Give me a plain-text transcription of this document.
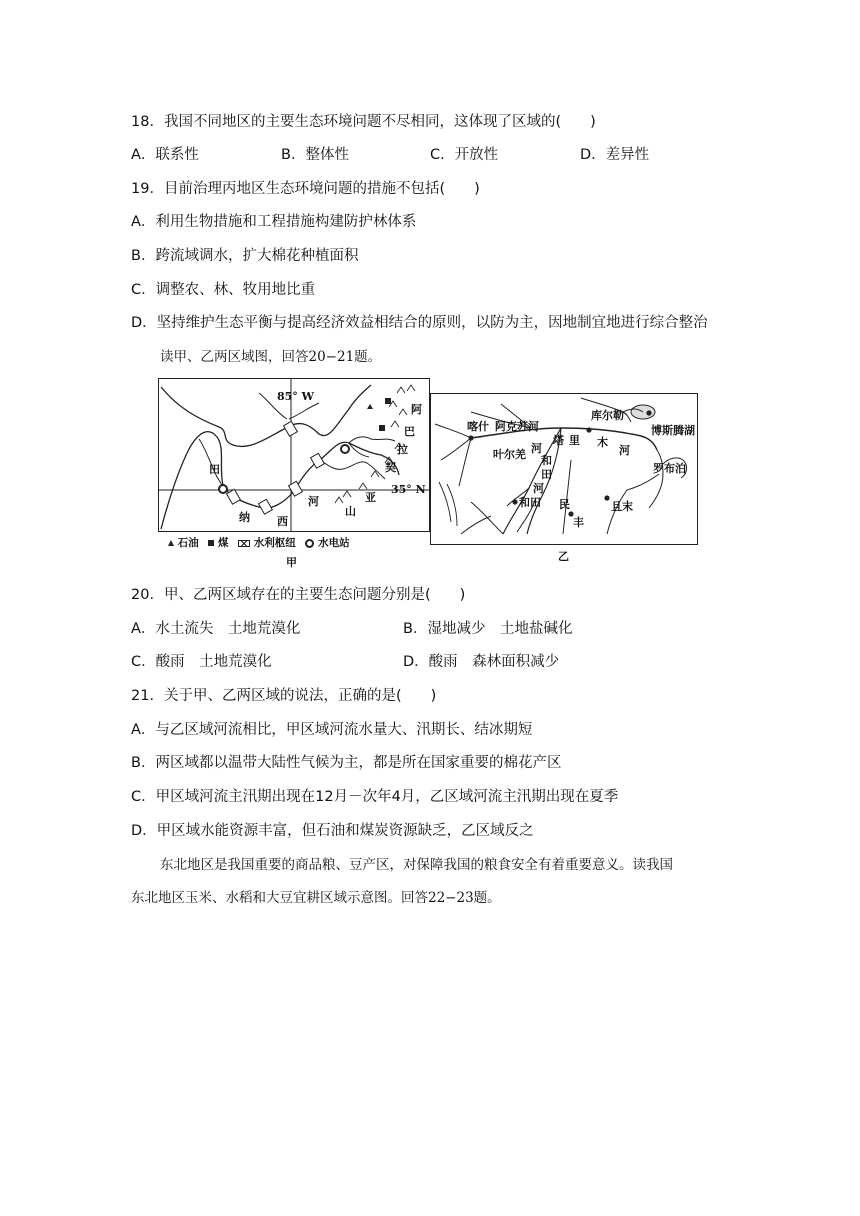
18．我国不同地区的主要生态环境问题不尽相同，这体现了区域的(　　)
A．联系性	B．整体性	C．开放性	D．差异性
19．目前治理丙地区生态环境问题的措施不包括(　　)
A．利用生物措施和工程措施构建防护林体系
B．跨流域调水，扩大棉花种植面积
C．调整农、林、牧用地比重
D．坚持维护生态平衡与提高经济效益相结合的原则，以防为主，因地制宜地进行综合整治
读甲、乙两区域图，回答20−21题。
85° W
阿
巴
拉
契
亚
山
田
纳 西
河
35° N
石油 煤 水利枢纽 水电站
甲
喀什 阿克苏河
塔 里 木
河
库尔勒
博斯腾湖
叶尔羌 河
和
田
河
和田 民
丰
且末
罗布泊
乙
20．甲、乙两区域存在的主要生态问题分别是(　　)
A．水土流失　土地荒漠化	B．湿地减少　土地盐碱化
C．酸雨　土地荒漠化	D．酸雨　森林面积减少
21．关于甲、乙两区域的说法，正确的是(　　)
A．与乙区域河流相比，甲区域河流水量大、汛期长、结冰期短
B．两区域都以温带大陆性气候为主，都是所在国家重要的棉花产区
C．甲区域河流主汛期出现在12月－次年4月，乙区域河流主汛期出现在夏季
D．甲区域水能资源丰富，但石油和煤炭资源缺乏，乙区域反之
东北地区是我国重要的商品粮、豆产区，对保障我国的粮食安全有着重要意义。读我国
东北地区玉米、水稻和大豆宜耕区域示意图。回答22−23题。
